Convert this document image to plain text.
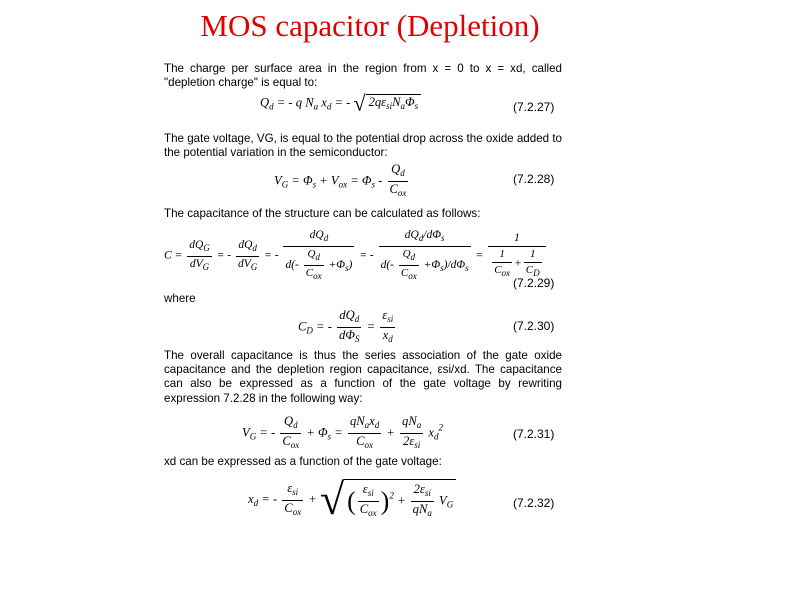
MOS capacitor (Depletion)
The charge per surface area in the region from x = 0 to x = xd, called "depletion charge" is equal to:
$Q_d$ = - q $N_a$ $x_d$ = - √ $2q\varepsilon_{si}N_a\Phi_s$	(7.2.27)
The gate voltage, VG, is equal to the potential drop across the oxide added to the potential variation in the semiconductor:
$V_G = \Phi_s + V_{ox} = \Phi_s - \frac{Q_d}{C_{ox}}$	(7.2.28)
The capacitance of the structure can be calculated as follows:
$C = \frac{dQ_G}{dV_G}$ = - $\frac{dQ_d}{dV_G}$ = - $\frac{dQ_d}{d(- \frac{Q_d}{C_{ox}} +\Phi_s)}$ = - $\frac{dQ_d/d\Phi_s}{d(- \frac{Q_d}{C_{ox}} +\Phi_s)/d\Phi_s} = \frac{1}{\frac{1}{C_{ox}} + \frac{1}{C_D}}$
(7.2.29)
where
$C_D$ = - $\frac{dQ_d}{d\Phi_S} = \frac{\varepsilon_{si}}{x_d}$	(7.2.30)
The overall capacitance is thus the series association of the gate oxide capacitance and the depletion region capacitance, εsi/xd. The capacitance can also be expressed as a function of the gate voltage by rewriting expression 7.2.28 in the following way:
$V_G$ = - $\frac{Q_d}{C_{ox}} + \Phi_s = \frac{qN_ax_d}{C_{ox}} + \frac{qN_a}{2\varepsilon_{si}} x_d^2$	(7.2.31)
xd can be expressed as a function of the gate voltage:
$x_d$ = - $\frac{\varepsilon_{si}}{C_{ox}}$ + √ ( $\frac{\varepsilon_{si}}{C_{ox}} )^2 + \frac{2\varepsilon_{si}}{qN_a} V_G$	(7.2.32)
